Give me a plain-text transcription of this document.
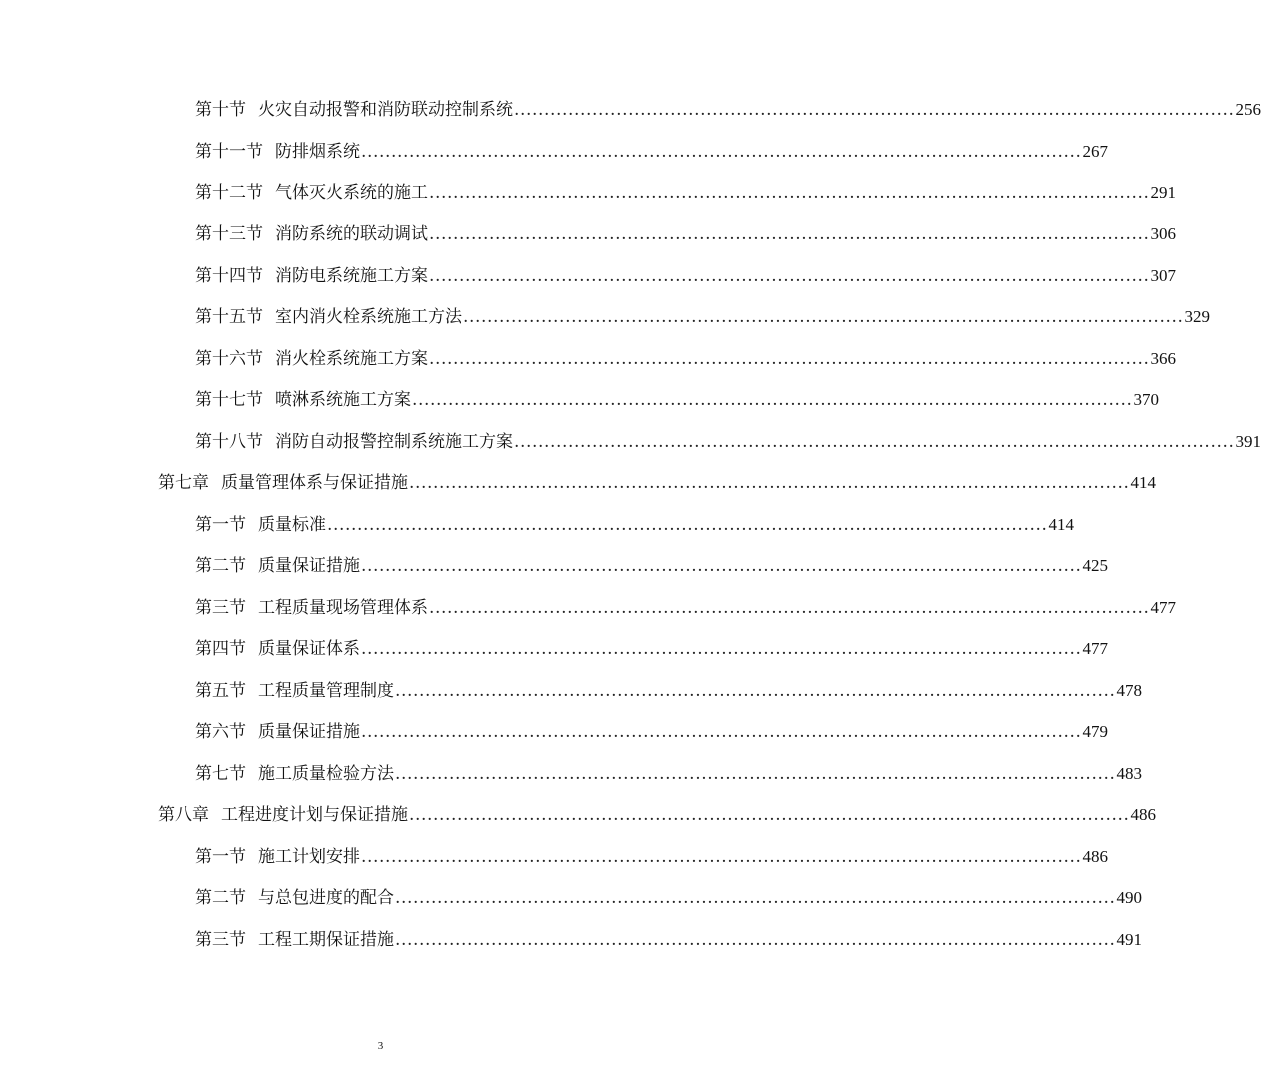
第十节 火灾自动报警和消防联动控制系统 ........................................................................................................................ 256
第十一节 防排烟系统 ........................................................................................................................ 267
第十二节 气体灭火系统的施工 ........................................................................................................................ 291
第十三节 消防系统的联动调试 ........................................................................................................................ 306
第十四节 消防电系统施工方案 ........................................................................................................................ 307
第十五节 室内消火栓系统施工方法 ........................................................................................................................ 329
第十六节 消火栓系统施工方案 ........................................................................................................................ 366
第十七节 喷淋系统施工方案 ........................................................................................................................ 370
第十八节 消防自动报警控制系统施工方案 ........................................................................................................................ 391
第七章 质量管理体系与保证措施 ........................................................................................................................ 414
第一节 质量标准 ........................................................................................................................ 414
第二节 质量保证措施 ........................................................................................................................ 425
第三节 工程质量现场管理体系 ........................................................................................................................ 477
第四节 质量保证体系 ........................................................................................................................ 477
第五节 工程质量管理制度 ........................................................................................................................ 478
第六节 质量保证措施 ........................................................................................................................ 479
第七节 施工质量检验方法 ........................................................................................................................ 483
第八章 工程进度计划与保证措施 ........................................................................................................................ 486
第一节 施工计划安排 ........................................................................................................................ 486
第二节 与总包进度的配合 ........................................................................................................................ 490
第三节 工程工期保证措施 ........................................................................................................................ 491
3
